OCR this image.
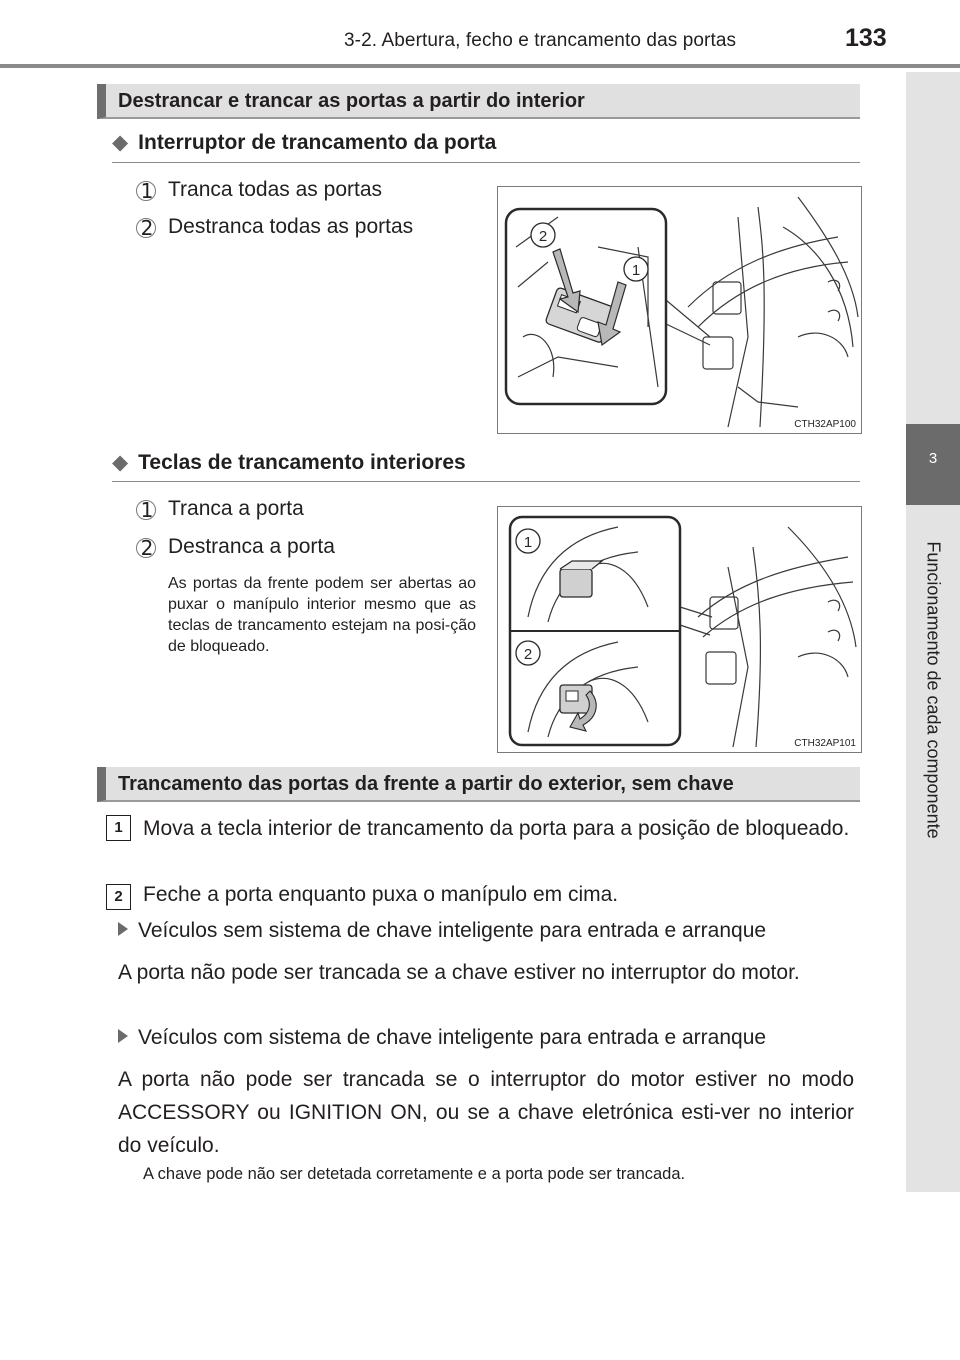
3-2. Abertura, fecho e trancamento das portas	133
3
Funcionamento de cada componente
Destrancar e trancar as portas a partir do interior
◆ Interruptor de trancamento da porta
1 Tranca todas as portas
2 Destranca todas as portas	2
1
CTH32AP100
◆ Teclas de trancamento interiores
1 Tranca a porta
2 Destranca a porta
As portas da frente podem ser abertas ao puxar o manípulo interior mesmo que as teclas de trancamento estejam na posi-ção de bloqueado.
1
2
CTH32AP101
Trancamento das portas da frente a partir do exterior, sem chave
1 Mova a tecla interior de trancamento da porta para a posição de bloqueado.
2 Feche a porta enquanto puxa o manípulo em cima.
Veículos sem sistema de chave inteligente para entrada e arranque
A porta não pode ser trancada se a chave estiver no interruptor do motor.
Veículos com sistema de chave inteligente para entrada e arranque
A porta não pode ser trancada se o interruptor do motor estiver no modo ACCESSORY ou IGNITION ON, ou se a chave eletrónica esti-ver no interior do veículo.
A chave pode não ser detetada corretamente e a porta pode ser trancada.
